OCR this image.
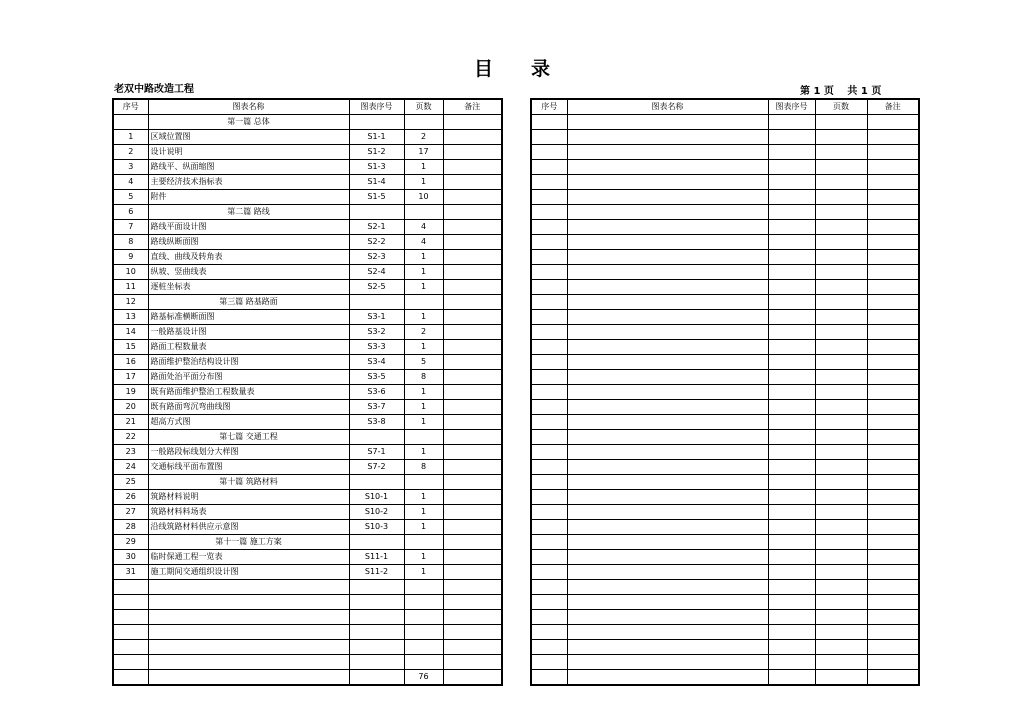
目　　录
老双中路改造工程	第 1 页　 共 1 页
序号	图表名称	图表序号	页数	备注
	第一篇 总体			
1	区域位置图	S1-1	2	
2	设计说明	S1-2	17	
3	路线平、纵面缩图	S1-3	1	
4	主要经济技术指标表	S1-4	1	
5	附件	S1-5	10	
6	第二篇 路线			
7	路线平面设计图	S2-1	4	
8	路线纵断面图	S2-2	4	
9	直线、曲线及转角表	S2-3	1	
10	纵坡、竖曲线表	S2-4	1	
11	逐桩坐标表	S2-5	1	
12	第三篇 路基路面			
13	路基标准横断面图	S3-1	1	
14	一般路基设计图	S3-2	2	
15	路面工程数量表	S3-3	1	
16	路面维护整治结构设计图	S3-4	5	
17	路面处治平面分布图	S3-5	8	
19	既有路面维护整治工程数量表	S3-6	1	
20	既有路面弯沉弯曲线图	S3-7	1	
21	超高方式图	S3-8	1	
22	第七篇 交通工程			
23	一般路段标线划分大样图	S7-1	1	
24	交通标线平面布置图	S7-2	8	
25	第十篇 筑路材料			
26	筑路材料说明	S10-1	1	
27	筑路材料料场表	S10-2	1	
28	沿线筑路材料供应示意图	S10-3	1	
29	第十一篇 施工方案			
30	临时保通工程一览表	S11-1	1	
31	施工期间交通组织设计图	S11-2	1	

			76	
序号	图表名称	图表序号	页数	备注
